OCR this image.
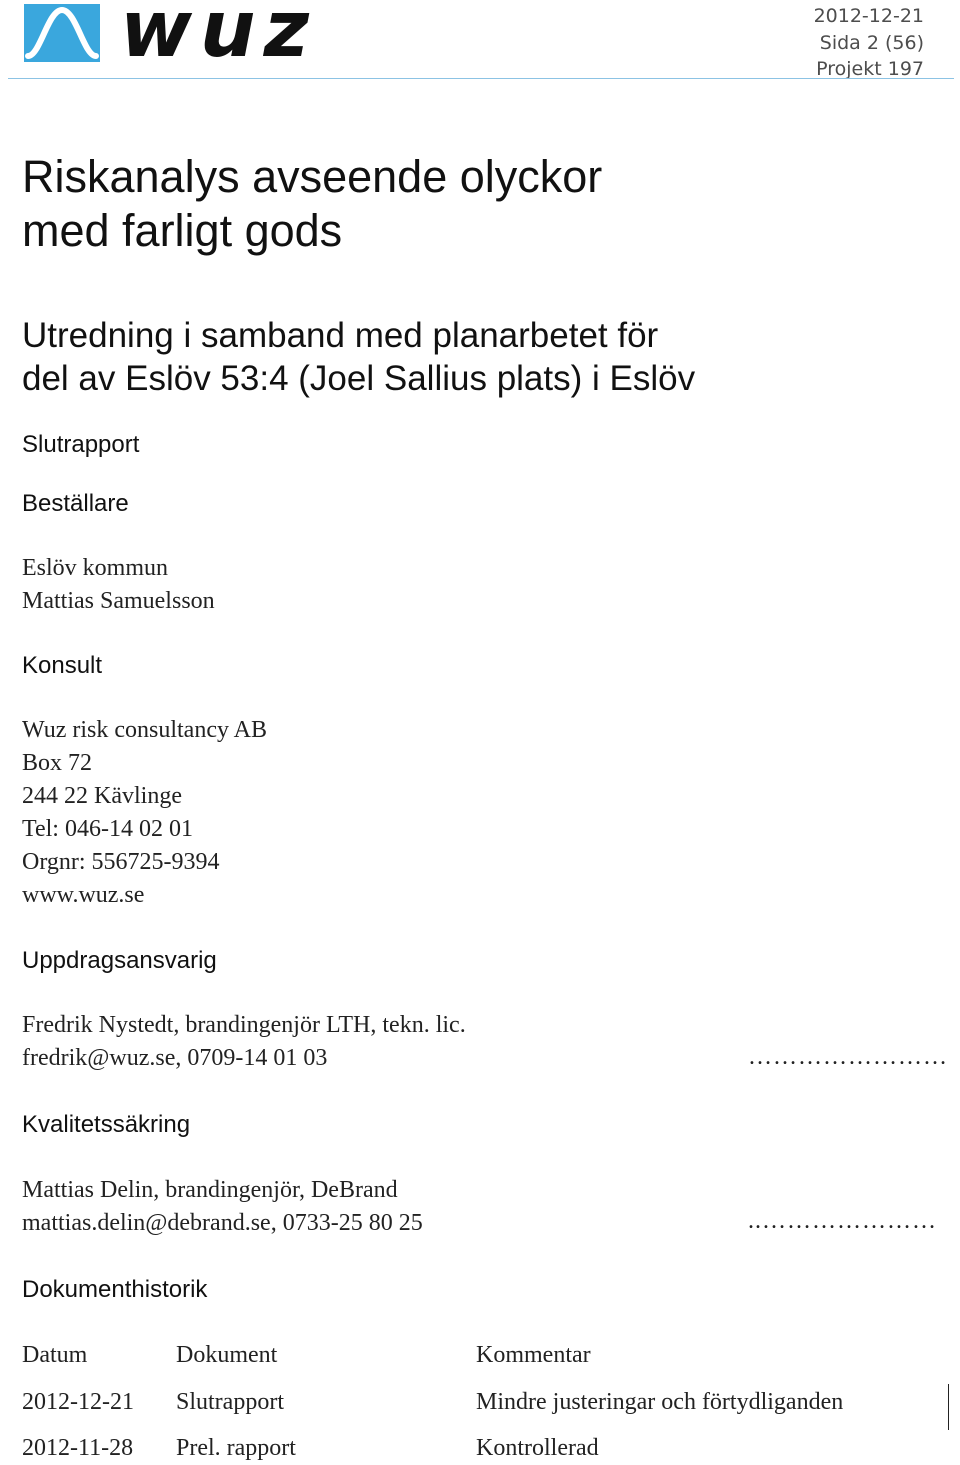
wuz	2012-12-21
Sida 2 (56)
Projekt 197
Riskanalys avseende olyckor
med farligt gods
Utredning i samband med planarbetet för
del av Eslöv 53:4 (Joel Sallius plats) i Eslöv
Slutrapport
Beställare
Eslöv kommun
Mattias Samuelsson
Konsult
Wuz risk consultancy AB
Box 72
244 22 Kävlinge
Tel: 046-14 02 01
Orgnr: 556725-9394
www.wuz.se
Uppdragsansvarig
Fredrik Nystedt, brandingenjör LTH, tekn. lic.
fredrik@wuz.se, 0709-14 01 03	……………………
Kvalitetssäkring
Mattias Delin, brandingenjör, DeBrand
mattias.delin@debrand.se, 0733-25 80 25	..…………………
Dokumenthistorik
Datum	Dokument	Kommentar
2012-12-21 Slutrapport	Mindre justeringar och förtydliganden
2012-11-28 Prel. rapport	Kontrollerad
